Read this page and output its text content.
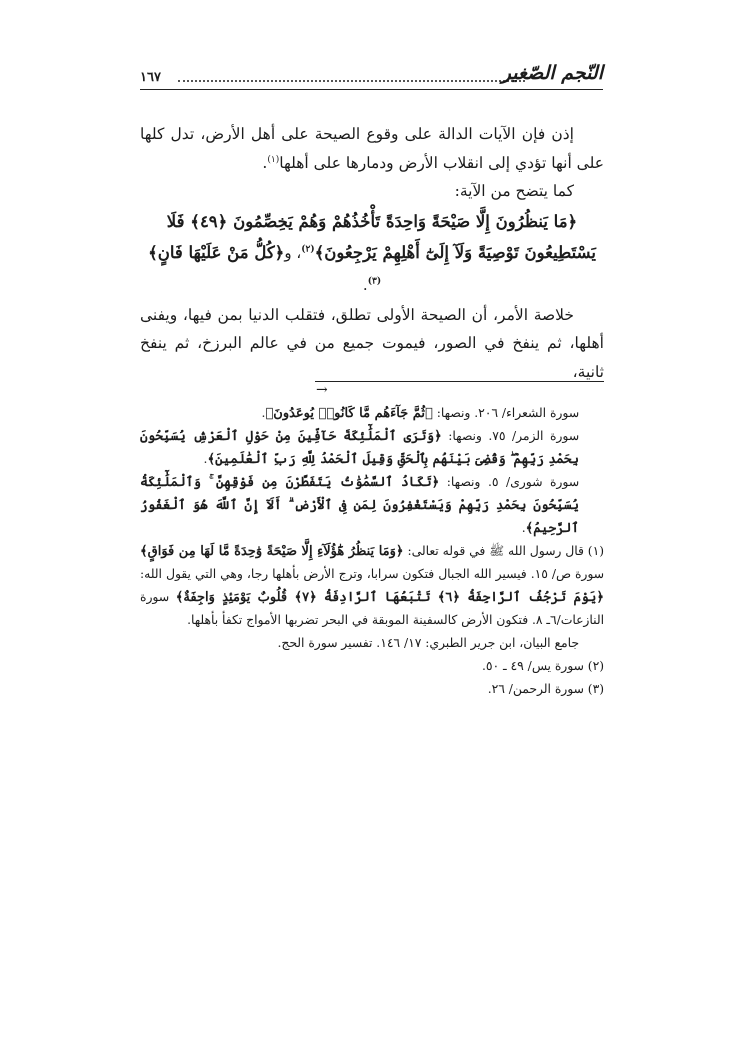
١٦٧	النّجم الصّغير

إذن فإن الآيات الدالة على وقوع الصيحة على أهل الأرض، تدل كلها على أنها تؤدي إلى انقلاب الأرض ودمارها على أهلها$^{(١)}$.

كما يتضح من الآية:

﴿مَا يَنظُرُونَ إِلَّا صَيْحَةً وَاحِدَةً تَأْخُذُهُمْ وَهُمْ يَخِصِّمُونَ ﴿٤٩﴾ فَلَا يَسْتَطِيعُونَ تَوْصِيَةً وَلَآ إِلَىٰٓ أَهْلِهِمْ يَرْجِعُونَ﴾$^{(٢)}$، و﴿كُلُّ مَنْ عَلَيْهَا فَانٍ﴾$^{(٣)}$.

خلاصة الأمر، أن الصيحة الأولى تطلق، فتقلب الدنيا بمن فيها، ويفنى أهلها، ثم ينفخ في الصور، فيموت جميع من في عالم البرزخ، ثم ينفخ ثانية،

→

سورة الشعراء/ ٢٠٦. ونصها: ﴿ثُمَّ جَآءَهُم مَّا كَانُوا۟ يُوعَدُونَ﴾.

سورة الزمر/ ٧٥. ونصها: ﴿وَتَرَى ٱلْمَلَٰٓئِكَةَ حَآفِّينَ مِنْ حَوْلِ ٱلْعَرْشِ يُسَبِّحُونَ بِحَمْدِ رَبِّهِمْ ۖ وَقُضِىَ بَيْنَهُم بِٱلْحَقِّ وَقِيلَ ٱلْحَمْدُ لِلَّهِ رَبِّ ٱلْعَٰلَمِينَ﴾.

سورة شورى/ ٥. ونصها: ﴿تَكَادُ ٱلسَّمَٰوَٰتُ يَتَفَطَّرْنَ مِن فَوْقِهِنَّ ۚ وَٱلْمَلَٰٓئِكَةُ يُسَبِّحُونَ بِحَمْدِ رَبِّهِمْ وَيَسْتَغْفِرُونَ لِمَن فِى ٱلْأَرْضِ ۗ أَلَآ إِنَّ ٱللَّهَ هُوَ ٱلْغَفُورُ ٱلرَّحِيمُ﴾.

(١) قال رسول الله ﷺ في قوله تعالى: ﴿وَمَا يَنظُرُ هَٰٓؤُلَآءِ إِلَّا صَيْحَةً وَٰحِدَةً مَّا لَهَا مِن فَوَاقٍ﴾ سورة ص/ ١٥. فيسير الله الجبال فتكون سرابا، وترج الأرض بأهلها رجا، وهي التي يقول الله: ﴿يَوْمَ تَرْجُفُ ٱلرَّاجِفَةُ ﴿٦﴾ تَتْبَعُهَا ٱلرَّادِفَةُ ﴿٧﴾ قُلُوبٌ يَوْمَئِذٍ وَاجِفَةٌ﴾ سورة النازعات/٦ـ ٨. فتكون الأرض كالسفينة الموبقة في البحر تضربها الأمواج تكفأ بأهلها.

جامع البيان، ابن جرير الطبري: ١٧/ ١٤٦. تفسير سورة الحج.

(٢) سورة يس/ ٤٩ ـ ٥٠.

(٣) سورة الرحمن/ ٢٦.
